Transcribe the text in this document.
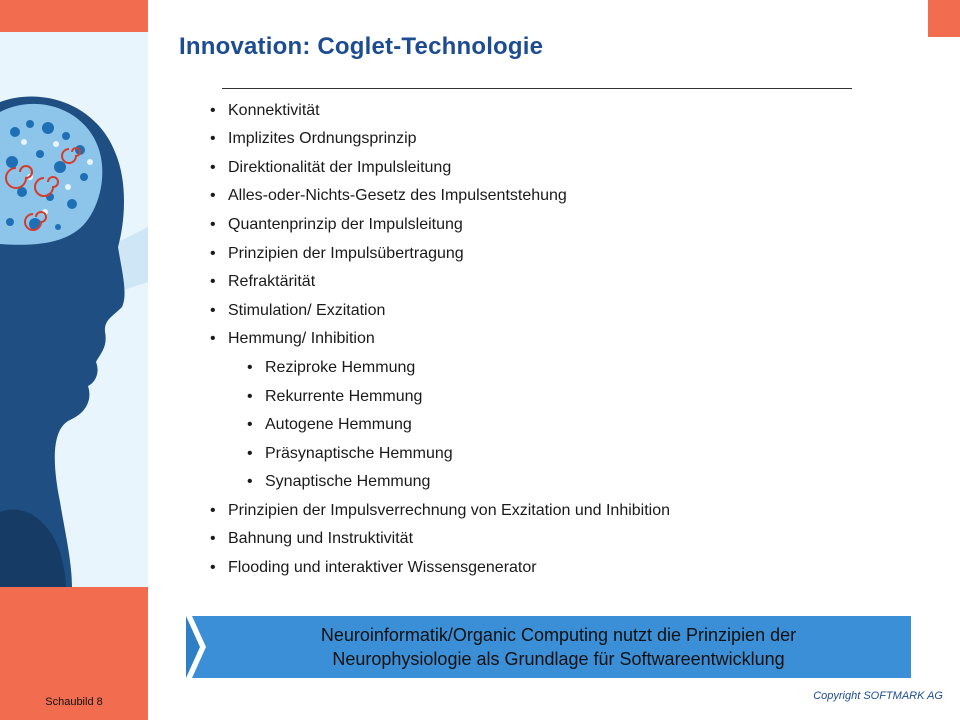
Schaubild 8
Innovation: Coglet-Technologie
• Konnektivität
• Implizites Ordnungsprinzip
• Direktionalität der Impulsleitung
• Alles-oder-Nichts-Gesetz des Impulsentstehung
• Quantenprinzip der Impulsleitung
• Prinzipien der Impulsübertragung
• Refraktärität
• Stimulation/ Exzitation
• Hemmung/ Inhibition
• Reziproke Hemmung
• Rekurrente Hemmung
• Autogene Hemmung
• Präsynaptische Hemmung
• Synaptische Hemmung
• Prinzipien der Impulsverrechnung von Exzitation und Inhibition
• Bahnung und Instruktivität
• Flooding und interaktiver Wissensgenerator
Neuroinformatik/Organic Computing nutzt die Prinzipien der
Neurophysiologie als Grundlage für Softwareentwicklung
Copyright SOFTMARK AG
